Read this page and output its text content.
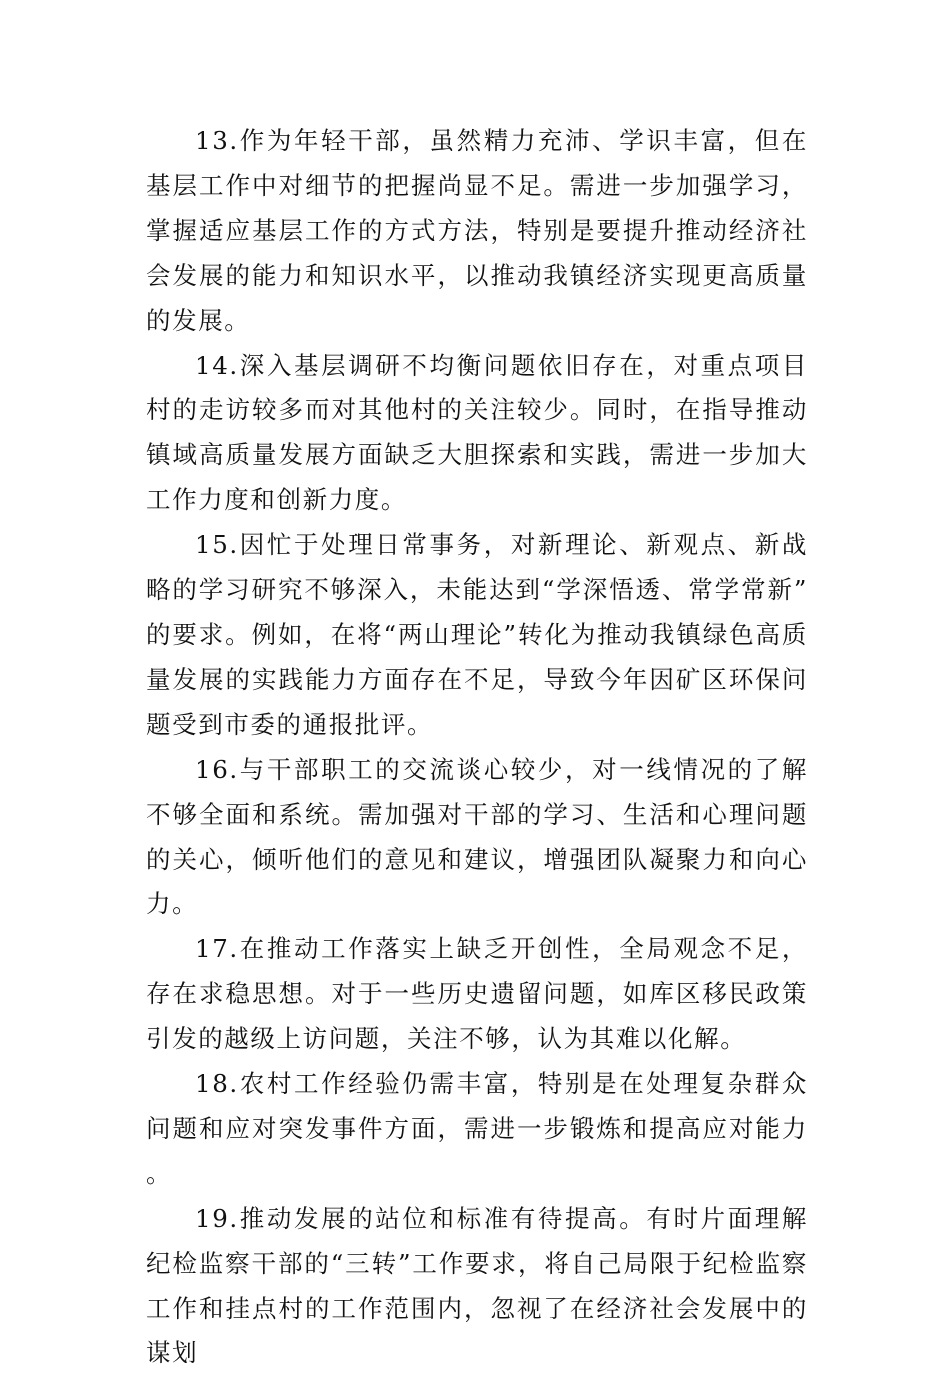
13.作为年轻干部，虽然精力充沛、学识丰富，但在基层工作中对细节的把握尚显不足。需进一步加强学习，掌握适应基层工作的方式方法，特别是要提升推动经济社会发展的能力和知识水平，以推动我镇经济实现更高质量的发展。

14.深入基层调研不均衡问题依旧存在，对重点项目村的走访较多而对其他村的关注较少。同时，在指导推动镇域高质量发展方面缺乏大胆探索和实践，需进一步加大工作力度和创新力度。

15.因忙于处理日常事务，对新理论、新观点、新战略的学习研究不够深入，未能达到“学深悟透、常学常新”的要求。例如，在将“两山理论”转化为推动我镇绿色高质量发展的实践能力方面存在不足，导致今年因矿区环保问题受到市委的通报批评。

16.与干部职工的交流谈心较少，对一线情况的了解不够全面和系统。需加强对干部的学习、生活和心理问题的关心，倾听他们的意见和建议，增强团队凝聚力和向心力。

17.在推动工作落实上缺乏开创性，全局观念不足，存在求稳思想。对于一些历史遗留问题，如库区移民政策引发的越级上访问题，关注不够，认为其难以化解。

18.农村工作经验仍需丰富，特别是在处理复杂群众问题和应对突发事件方面，需进一步锻炼和提高应对能力。

19.推动发展的站位和标准有待提高。有时片面理解纪检监察干部的“三转”工作要求，将自己局限于纪检监察工作和挂点村的工作范围内，忽视了在经济社会发展中的谋划
